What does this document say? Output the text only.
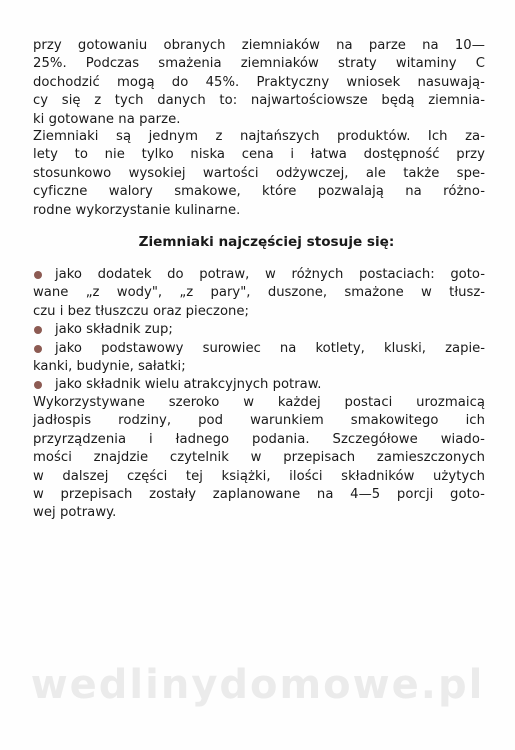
przy gotowaniu obranych ziemniaków na parze na 10—
25%. Podczas smażenia ziemniaków straty witaminy C
dochodzić mogą do 45%. Praktyczny wniosek nasuwają-
cy się z tych danych to: najwartościowsze będą ziemnia-
ki gotowane na parze.
Ziemniaki są jednym z najtańszych produktów. Ich za-
lety to nie tylko niska cena i łatwa dostępność przy
stosunkowo wysokiej wartości odżywczej, ale także spe-
cyficzne walory smakowe, które pozwalają na różno-
rodne wykorzystanie kulinarne.
Ziemniaki najczęściej stosuje się:
jako dodatek do potraw, w różnych postaciach: goto-
wane „z wody", „z pary", duszone, smażone w tłusz-
czu i bez tłuszczu oraz pieczone;
jako składnik zup;
jako podstawowy surowiec na kotlety, kluski, zapie-
kanki, budynie, sałatki;
jako składnik wielu atrakcyjnych potraw.
Wykorzystywane szeroko w każdej postaci urozmaicą
jadłospis rodziny, pod warunkiem smakowitego ich
przyrządzenia i ładnego podania. Szczegółowe wiado-
mości znajdzie czytelnik w przepisach zamieszczonych
w dalszej części tej książki, ilości składników użytych
w przepisach zostały zaplanowane na 4—5 porcji goto-
wej potrawy.
wedlinydomowe.pl
